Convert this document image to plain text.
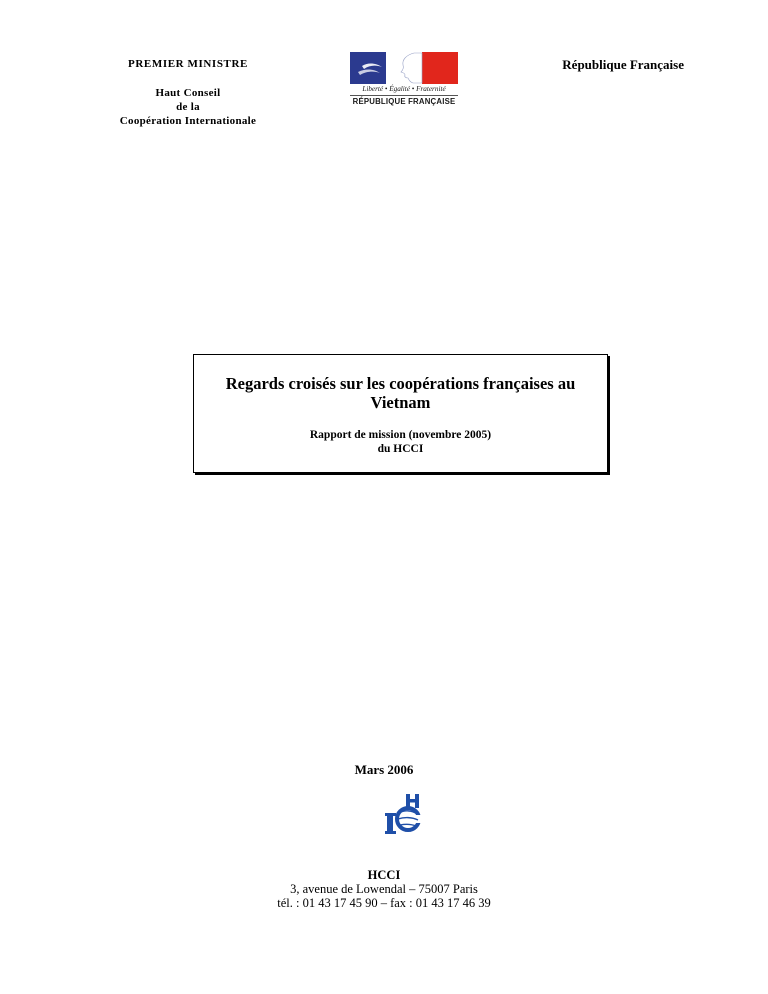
PREMIER MINISTRE
Haut Conseil
de la
Coopération Internationale
Liberté • Égalité • Fraternité
RÉPUBLIQUE FRANÇAISE
République Française
Regards croisés sur les coopérations françaises au Vietnam
Rapport de mission (novembre 2005)
du HCCI
Mars 2006
HCCI
3, avenue de Lowendal – 75007 Paris
tél. : 01 43 17 45 90 – fax : 01 43 17 46 39
